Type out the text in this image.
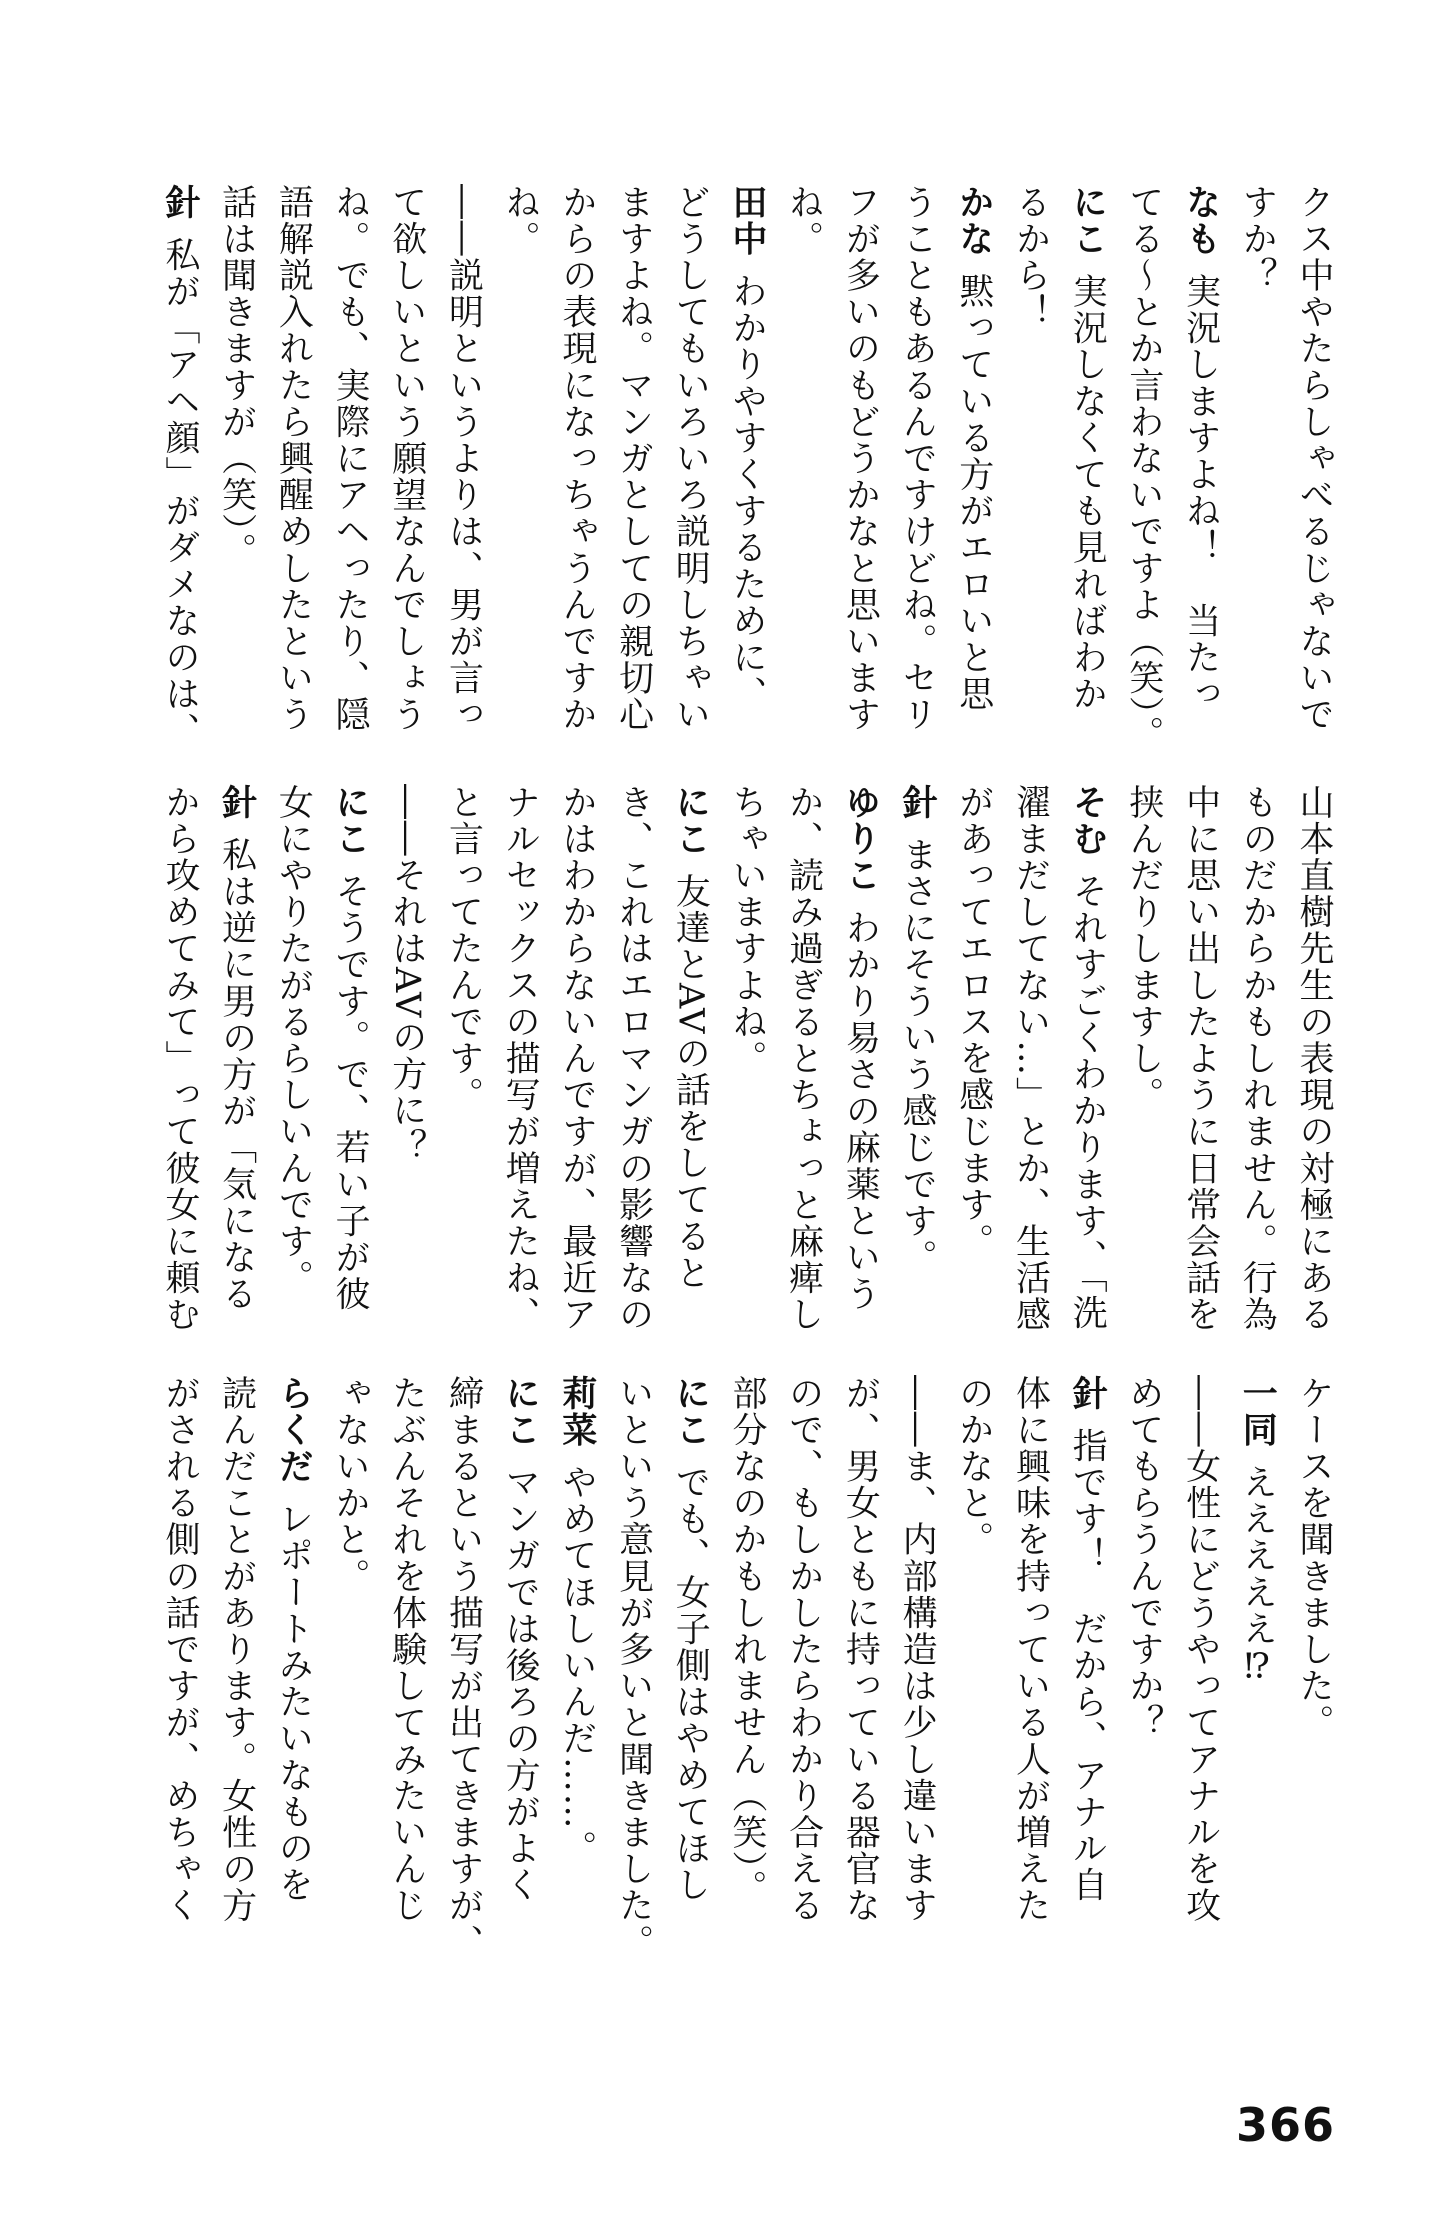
クス中やたらしゃべるじゃないで
すか？
なも実況しますよね！　当たっ
てる〜とか言わないですよ（笑）。
にこ実況しなくても見ればわか
るから！
かな黙っている方がエロいと思
うこともあるんですけどね。セリ
フが多いのもどうかなと思います
ね。
田中わかりやすくするために、
どうしてもいろいろ説明しちゃい
ますよね。マンガとしての親切心
からの表現になっちゃうんですか
ね。
――説明というよりは、男が言っ
て欲しいという願望なんでしょう
ね。でも、実際にアヘったり、隠
語解説入れたら興醒めしたという
話は聞きますが（笑）。
針私が「アヘ顔」がダメなのは、
山本直樹先生の表現の対極にある
ものだからかもしれません。行為
中に思い出したように日常会話を
挟んだりしますし。
そむそれすごくわかります、「洗
濯まだしてない…」とか、生活感
があってエロスを感じます。
針まさにそういう感じです。
ゆりこわかり易さの麻薬という
か、読み過ぎるとちょっと麻痺し
ちゃいますよね。
にこ友達とAVの話をしてると
き、これはエロマンガの影響なの
かはわからないんですが、最近ア
ナルセックスの描写が増えたね、
と言ってたんです。
――それはAVの方に？
にこそうです。で、若い子が彼
女にやりたがるらしいんです。
針私は逆に男の方が「気になる
から攻めてみて」って彼女に頼む
ケースを聞きました。
一同えええええ⁉
――女性にどうやってアナルを攻
めてもらうんですか？
針指です！　だから、アナル自
体に興味を持っている人が増えた
のかなと。
――ま、内部構造は少し違います
が、男女ともに持っている器官な
ので、もしかしたらわかり合える
部分なのかもしれません（笑）。
にこでも、女子側はやめてほし
いという意見が多いと聞きました。
莉菜やめてほしいんだ……。
にこマンガでは後ろの方がよく
締まるという描写が出てきますが、
たぶんそれを体験してみたいんじ
ゃないかと。
らくだレポートみたいなものを
読んだことがあります。女性の方
がされる側の話ですが、めちゃく
366
